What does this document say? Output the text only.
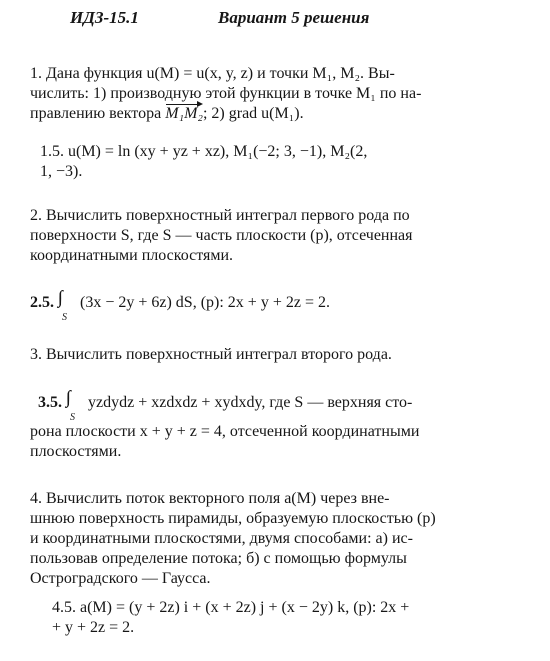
ИДЗ-15.1	Вариант 5 решения
1. Дана функция u(M) = u(x, y, z) и точки M₁, M₂. Вы-
числить: 1) производную этой функции в точке M₁ по на-
правлению вектора M₁M₂; 2) grad u(M₁).
1.5. u(M) = ln (xy + yz + xz), M₁(−2; 3, −1), M₂(2,
1, −3).
2. Вычислить поверхностный интеграл первого рода по
поверхности S, где S — часть плоскости (p), отсеченная
координатными плоскостями.
2.5.
S
(3x − 2y + 6z) dS, (p): 2x + y + 2z = 2.
3. Вычислить поверхностный интеграл второго рода.
3.5.
S
yzdydz + xzdxdz + xydxdy, где S — верхняя сто-
рона плоскости x + y + z = 4, отсеченной координатными
плоскостями.
4. Вычислить поток векторного поля a(M) через вне-
шнюю поверхность пирамиды, образуемую плоскостью (p)
и координатными плоскостями, двумя способами: а) ис-
пользовав определение потока; б) с помощью формулы
Остроградского — Гаусса.
4.5. a(M) = (y + 2z) i + (x + 2z) j + (x − 2y) k, (p): 2x +
+ y + 2z = 2.
